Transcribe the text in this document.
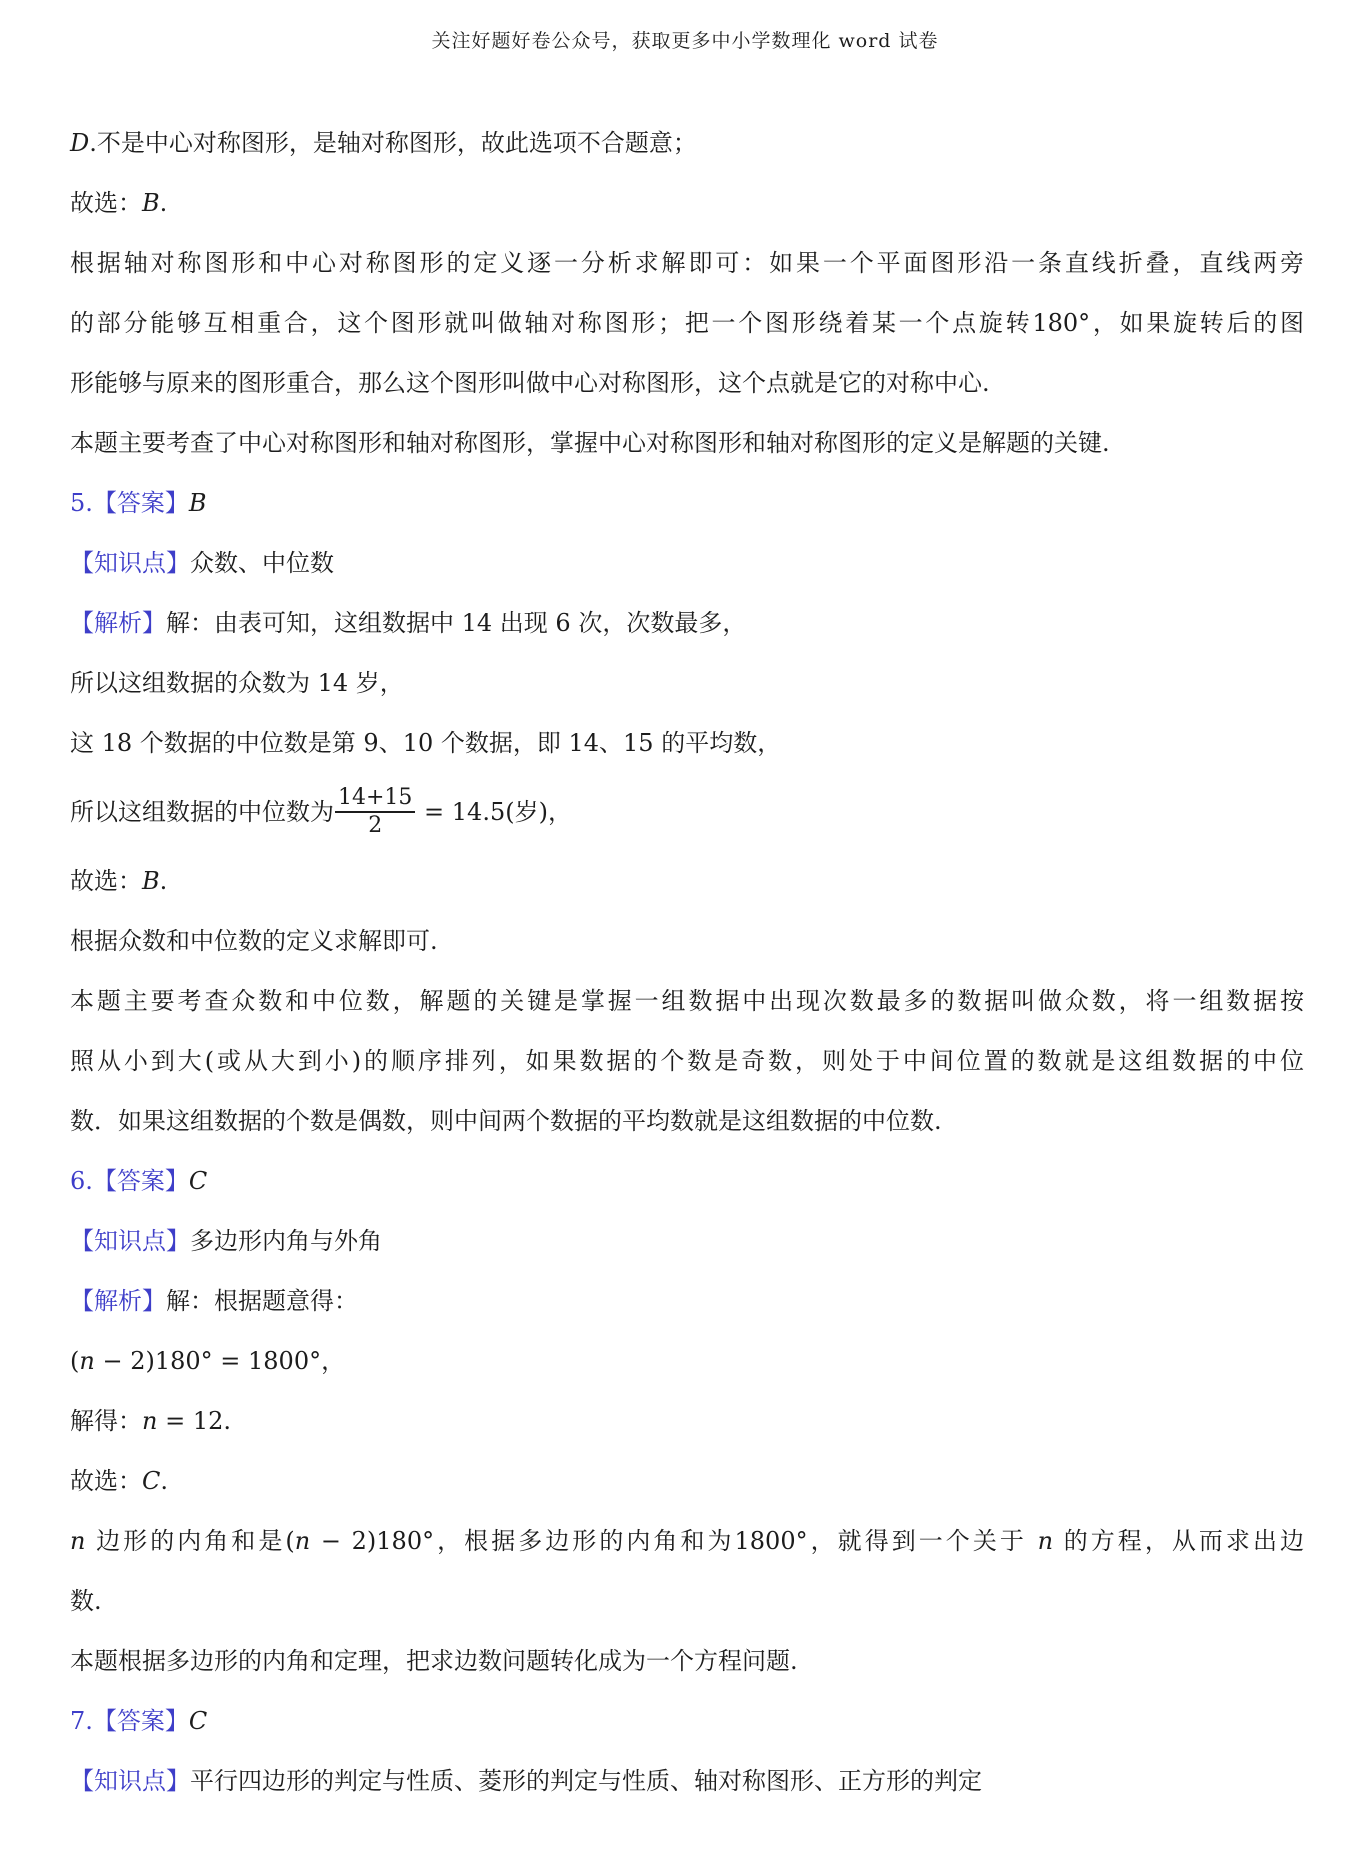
关注好题好卷公众号，获取更多中小学数理化 word 试卷
D.不是中心对称图形，是轴对称图形，故此选项不合题意；
故选：B.
根据轴对称图形和中心对称图形的定义逐一分析求解即可：如果一个平面图形沿一条直线折叠，直线两旁
的部分能够互相重合，这个图形就叫做轴对称图形；把一个图形绕着某一个点旋转180°，如果旋转后的图
形能够与原来的图形重合，那么这个图形叫做中心对称图形，这个点就是它的对称中心.
本题主要考查了中心对称图形和轴对称图形，掌握中心对称图形和轴对称图形的定义是解题的关键.
5.【答案】B
【知识点】众数、中位数
【解析】解：由表可知，这组数据中 14 出现 6 次，次数最多，
所以这组数据的众数为 14 岁，
这 18 个数据的中位数是第 9、10 个数据，即 14、15 的平均数，
所以这组数据的中位数为 $\frac{14+15}{2} = 14.5$(岁)，
故选：B.
根据众数和中位数的定义求解即可.
本题主要考查众数和中位数，解题的关键是掌握一组数据中出现次数最多的数据叫做众数，将一组数据按
照从小到大(或从大到小)的顺序排列，如果数据的个数是奇数，则处于中间位置的数就是这组数据的中位
数．如果这组数据的个数是偶数，则中间两个数据的平均数就是这组数据的中位数.
6.【答案】C
【知识点】多边形内角与外角
【解析】解：根据题意得：
(n − 2)180° = 1800°，
解得：n = 12.
故选：C.
n 边形的内角和是(n − 2)180°，根据多边形的内角和为1800°，就得到一个关于 n 的方程，从而求出边
数.
本题根据多边形的内角和定理，把求边数问题转化成为一个方程问题.
7.【答案】C
【知识点】平行四边形的判定与性质、菱形的判定与性质、轴对称图形、正方形的判定
